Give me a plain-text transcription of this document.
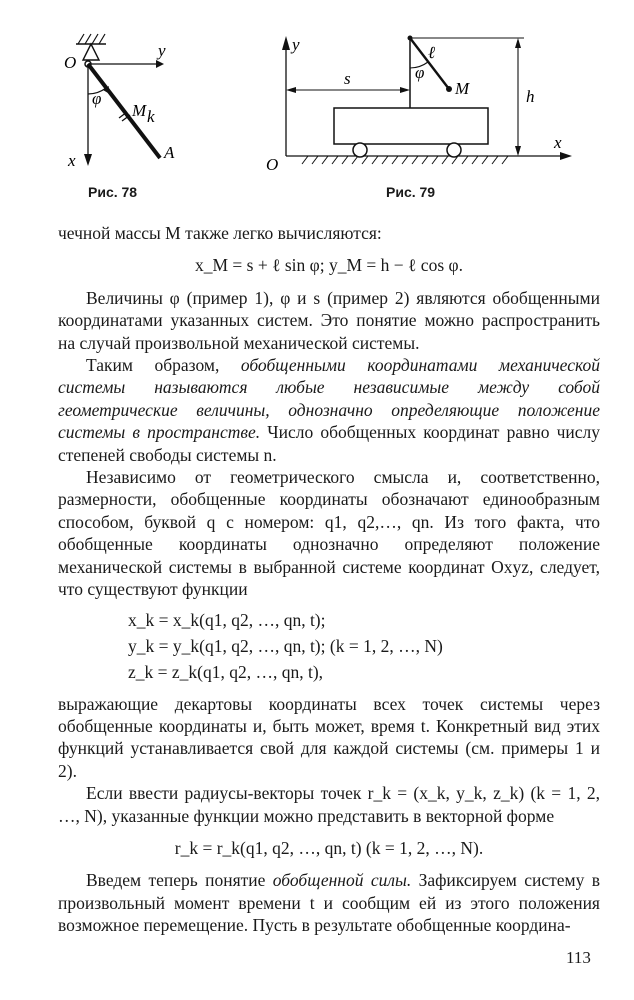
O
y
φ
M k
A
x
Рис. 78
y	ℓ
φ
M
s
h
O
x
Рис. 79

чечной массы M также легко вычисляются:

x_M = s + ℓ sin φ; y_M = h − ℓ cos φ.

Величины φ (пример 1), φ и s (пример 2) являются обобщенными координатами указанных систем. Это понятие можно распространить на случай произвольной механической системы.

Таким образом, обобщенными координатами механической системы называются любые независимые между собой геометрические величины, однозначно определяющие положение системы в пространстве. Число обобщенных координат равно числу степеней свободы системы n.

Независимо от геометрического смысла и, соответственно, размерности, обобщенные координаты обозначают единообразным способом, буквой q с номером: q1, q2,…, qn. Из того факта, что обобщенные координаты однозначно определяют положение механической системы в выбранной системе координат Oxyz, следует, что существуют функции

x_k = x_k(q1, q2, …, qn, t);
y_k = y_k(q1, q2, …, qn, t); (k = 1, 2, …, N)
z_k = z_k(q1, q2, …, qn, t),

выражающие декартовы координаты всех точек системы через обобщенные координаты и, быть может, время t. Конкретный вид этих функций устанавливается свой для каждой системы (см. примеры 1 и 2).

Если ввести радиусы-векторы точек r_k = (x_k, y_k, z_k) (k = 1, 2, …, N), указанные функции можно представить в векторной форме

r_k = r_k(q1, q2, …, qn, t) (k = 1, 2, …, N).

Введем теперь понятие обобщенной силы. Зафиксируем систему в произвольный момент времени t и сообщим ей из этого положения возможное перемещение. Пусть в результате обобщенные координа-

113
